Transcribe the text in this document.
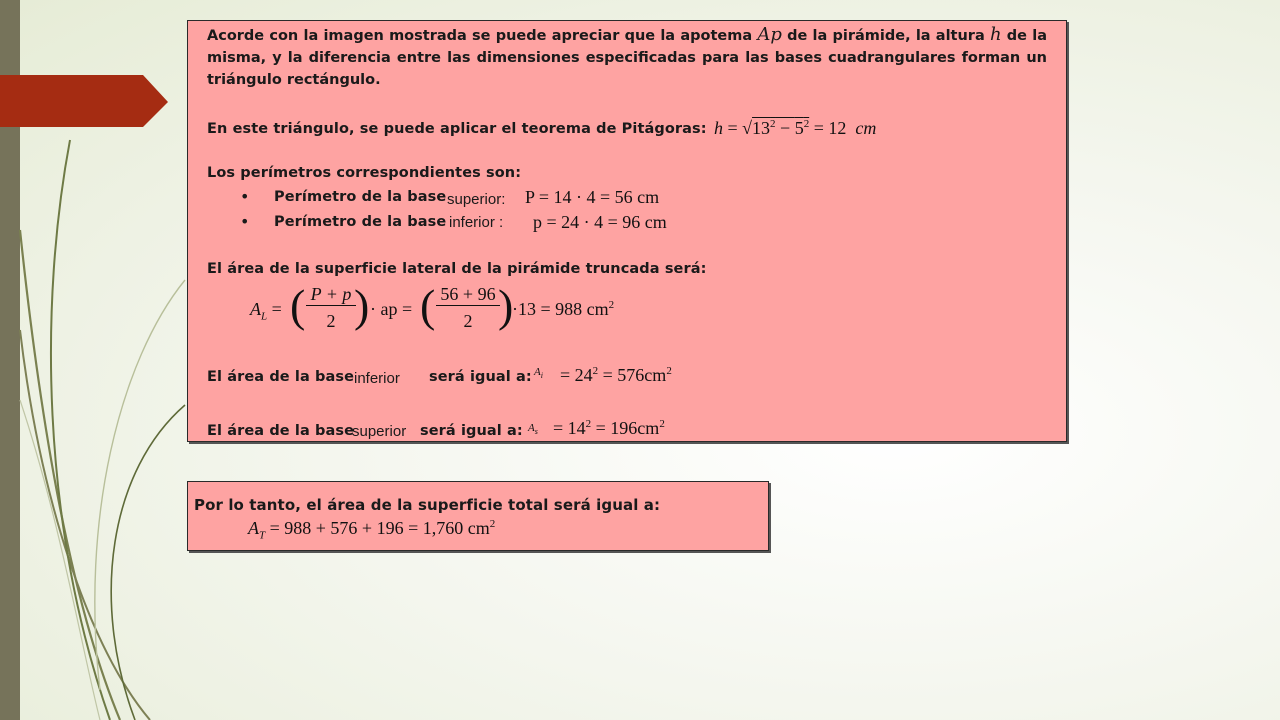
Acorde con la imagen mostrada se puede apreciar que la apotema Ap de la pirámide, la altura h de la misma, y la diferencia entre las dimensiones especificadas para las bases cuadrangulares forman un triángulo rectángulo.
En este triángulo, se puede aplicar el teorema de Pitágoras: $h = √13^2 - 5^2 = 12$ cm
Los perímetros correspondientes son:
• Perímetro de la base superior: P = 14 · 4 = 56 cm
• Perímetro de la base inferior : p = 24 · 4 = 96 cm
El área de la superficie lateral de la pirámide truncada será:
$A_L$ = ( P + p
2 ) · ap = ( 56 + 96
2 )
·13 = 988 $cm^2$
El área de la base inferior será igual a: $A_i = 24^2 = 576cm^2$
El área de la base
superior será igual a: $A_s = 14^2 = 196cm^2$
Por lo tanto, el área de la superficie total será igual a:
$A_T = 988 + 576 + 196 = 1,760$ $cm^2$
